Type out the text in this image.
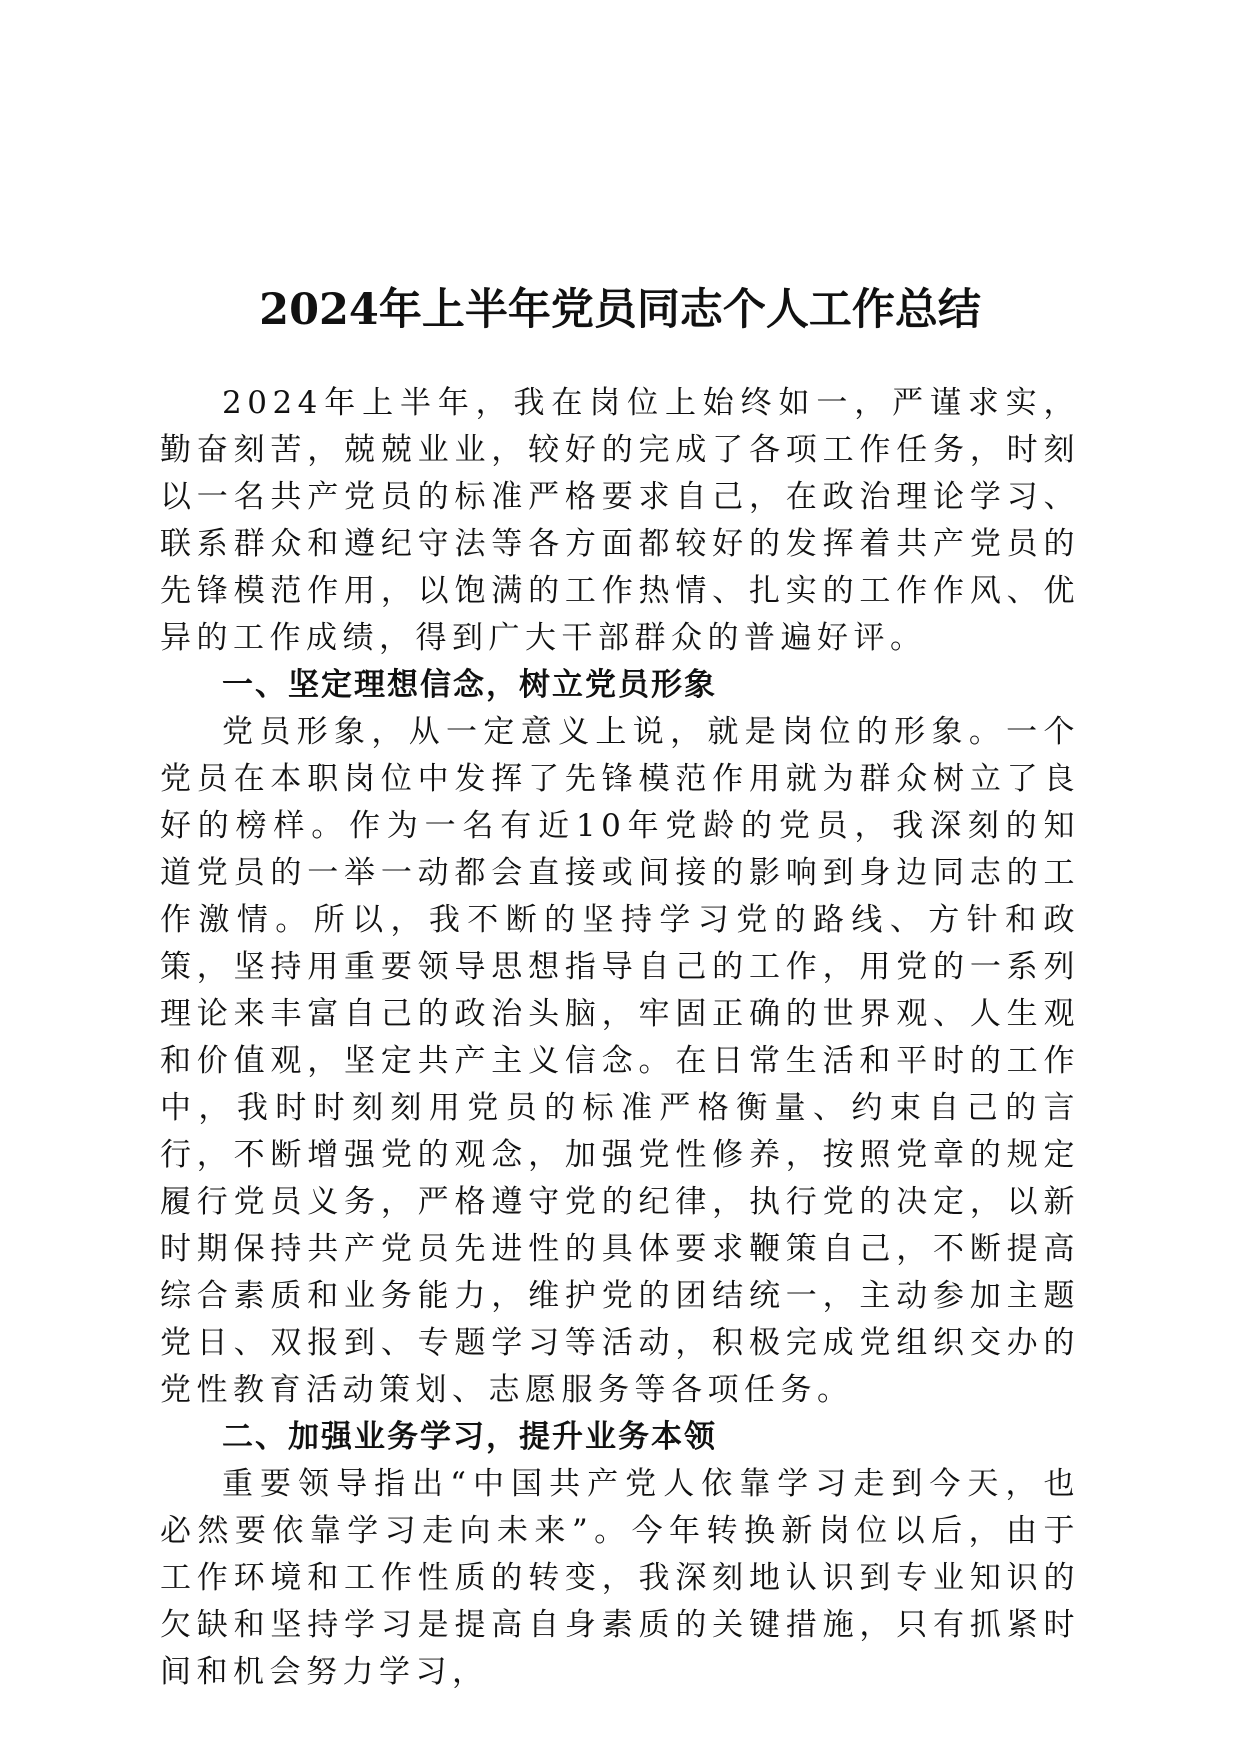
2024年上半年党员同志个人工作总结

2024年上半年，我在岗位上始终如一，严谨求实，勤奋刻苦，兢兢业业，较好的完成了各项工作任务，时刻以一名共产党员的标准严格要求自己，在政治理论学习、联系群众和遵纪守法等各方面都较好的发挥着共产党员的先锋模范作用，以饱满的工作热情、扎实的工作作风、优异的工作成绩，得到广大干部群众的普遍好评。

一、坚定理想信念，树立党员形象

党员形象，从一定意义上说，就是岗位的形象。一个党员在本职岗位中发挥了先锋模范作用就为群众树立了良好的榜样。作为一名有近10年党龄的党员，我深刻的知道党员的一举一动都会直接或间接的影响到身边同志的工作激情。所以，我不断的坚持学习党的路线、方针和政策，坚持用重要领导思想指导自己的工作，用党的一系列理论来丰富自己的政治头脑，牢固正确的世界观、人生观和价值观，坚定共产主义信念。在日常生活和平时的工作中，我时时刻刻用党员的标准严格衡量、约束自己的言行，不断增强党的观念，加强党性修养，按照党章的规定履行党员义务，严格遵守党的纪律，执行党的决定，以新时期保持共产党员先进性的具体要求鞭策自己，不断提高综合素质和业务能力，维护党的团结统一，主动参加主题党日、双报到、专题学习等活动，积极完成党组织交办的党性教育活动策划、志愿服务等各项任务。

二、加强业务学习，提升业务本领

重要领导指出“中国共产党人依靠学习走到今天，也必然要依靠学习走向未来”。今年转换新岗位以后，由于工作环境和工作性质的转变，我深刻地认识到专业知识的欠缺和坚持学习是提高自身素质的关键措施，只有抓紧时间和机会努力学习，
